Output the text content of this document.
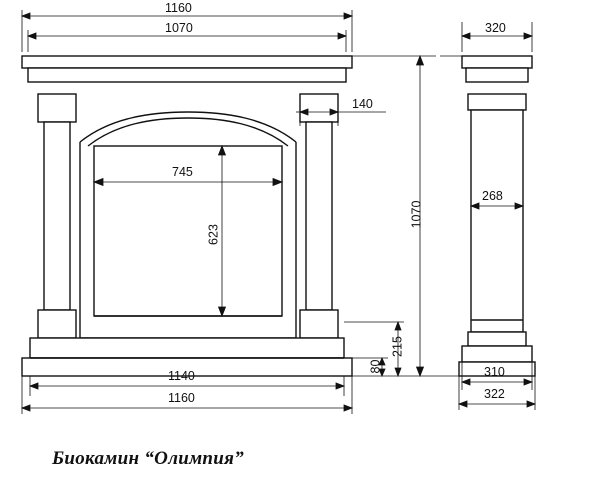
1160
1070
140
745
623
1140
1160
215
80
1070
320
268
310
322
Биокамин “Олимпия”
